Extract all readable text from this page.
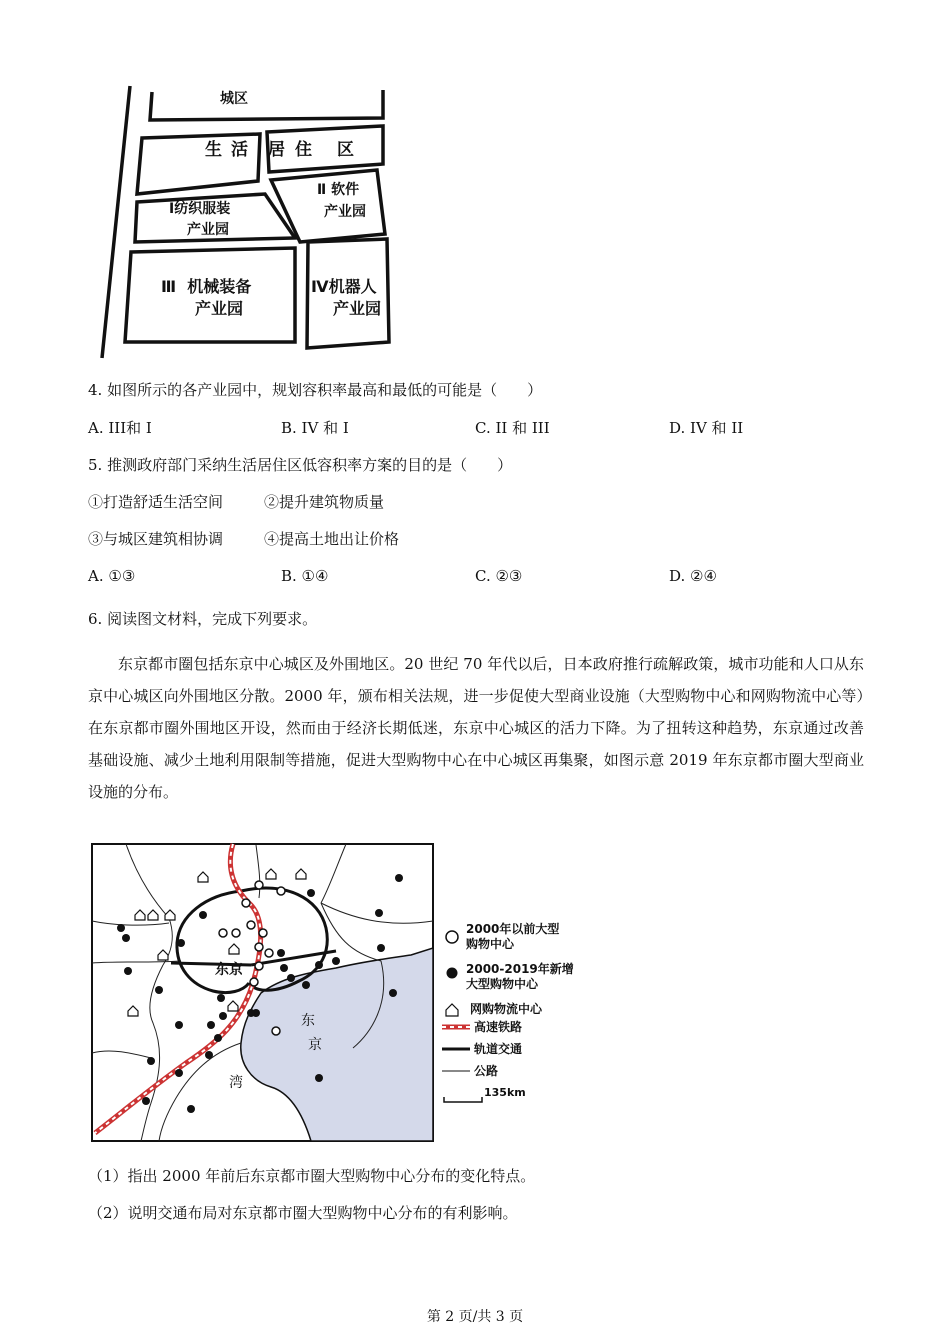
城区
生 活 居 住 区
Ⅰ纺织服装
产业园
Ⅱ 软件
产业园
Ⅲ  机械装备
产业园
Ⅳ机器人
产业园
4. 如图所示的各产业园中，规划容积率最高和最低的可能是（　　）
A. III和 I	B. IV 和 I	C. II 和 III	D. IV 和 II
5. 推测政府部门采纳生活居住区低容积率方案的目的是（　　）
①打造舒适生活空间	②提升建筑物质量
③与城区建筑相协调	④提高土地出让价格
A. ①③	B. ①④	C. ②③	D. ②④
6. 阅读图文材料，完成下列要求。
东京都市圈包括东京中心城区及外围地区。20 世纪 70 年代以后，日本政府推行疏解政策，城市功能和人口从东京中心城区向外围地区分散。2000 年，颁布相关法规，进一步促使大型商业设施（大型购物中心和网购物流中心等）在东京都市圈外围地区开设，然而由于经济长期低迷，东京中心城区的活力下降。为了扭转这种趋势，东京通过改善基础设施、减少土地利用限制等措施，促进大型购物中心在中心城区再集聚，如图示意 2019 年东京都市圈大型商业设施的分布。
东京
东
京
湾
2000年以前大型
购物中心
2000-2019年新增
大型购物中心
网购物流中心
高速铁路
轨道交通
公路
135km
（1）指出 2000 年前后东京都市圈大型购物中心分布的变化特点。
（2）说明交通布局对东京都市圈大型购物中心分布的有利影响。
第 2 页/共 3 页
